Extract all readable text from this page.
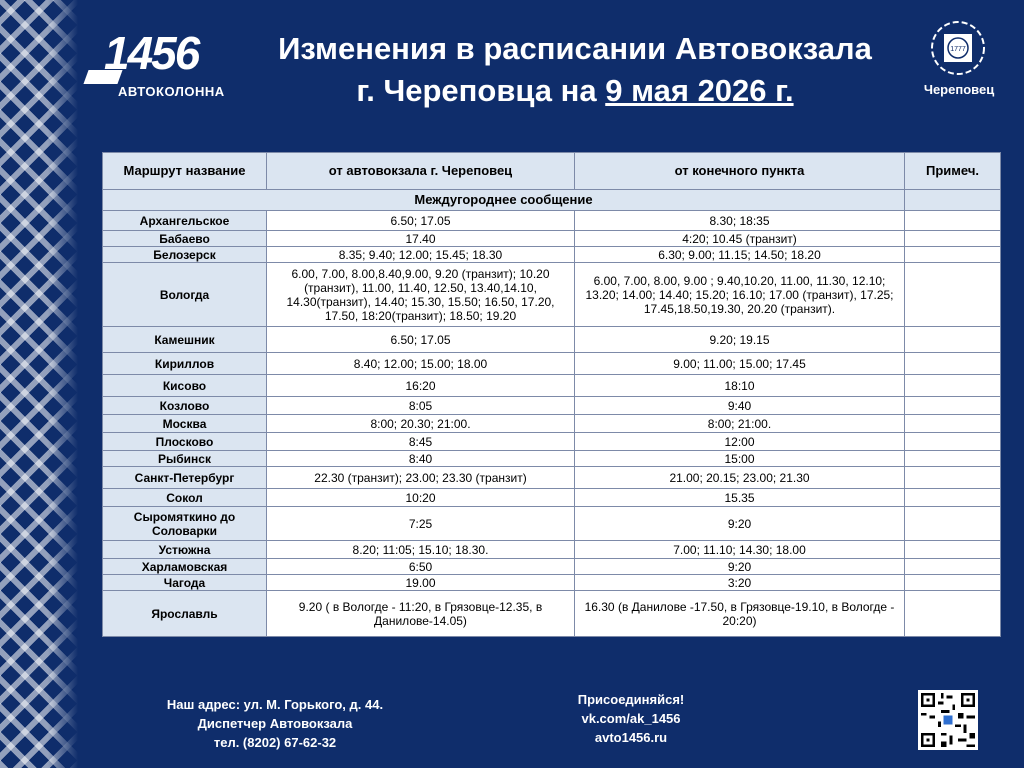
1456
АВТОКОЛОННА
Изменения в расписании Автовокзала
г. Череповца на 9 мая 2026 г.
1777
Череповец
Маршрут название	от автовокзала г. Череповец	от конечного пункта	Примеч.
Междугороднее сообщение			
Архангельское	6.50; 17.05	8.30; 18:35	
Бабаево	17.40	4:20; 10.45 (транзит)	
Белозерск	8.35; 9.40; 12.00; 15.45; 18.30	6.30; 9.00; 11.15; 14.50; 18.20	
Вологда	6.00, 7.00, 8.00,8.40,9.00, 9.20 (транзит); 10.20 (транзит), 11.00, 11.40, 12.50, 13.40,14.10, 14.30(транзит), 14.40; 15.30, 15.50; 16.50, 17.20, 17.50, 18:20(транзит); 18.50; 19.20	6.00, 7.00, 8.00, 9.00 ; 9.40,10.20, 11.00, 11.30, 12.10; 13.20; 14.00; 14.40; 15.20; 16.10; 17.00 (транзит), 17.25; 17.45,18.50,19.30, 20.20 (транзит).	
Камешник	6.50; 17.05	9.20; 19.15	
Кириллов	8.40; 12.00; 15.00; 18.00	9.00; 11.00; 15.00; 17.45	
Кисово	16:20	18:10	
Козлово	8:05	9:40	
Москва	8:00; 20.30; 21:00.	8:00; 21:00.	
Плосково	8:45	12:00	
Рыбинск	8:40	15:00	
Санкт-Петербург	22.30 (транзит); 23.00; 23.30 (транзит)	21.00; 20.15; 23.00; 21.30	
Сокол	10:20	15.35	
Сыромяткино до Соловарки	7:25	9:20	
Устюжна	8.20; 11:05; 15.10; 18.30.	7.00; 11.10; 14.30; 18.00	
Харламовская	6:50	9:20	
Чагода	19.00	3:20	
Ярославль	9.20 ( в Вологде - 11:20, в Грязовце-12.35, в Данилове-14.05)	16.30 (в Данилове -17.50, в Грязовце-19.10, в Вологде - 20:20)	
Наш адрес: ул. М. Горького, д. 44.
Диспетчер Автовокзала
тел. (8202) 67-62-32
Присоединяйся!
vk.com/ak_1456
avto1456.ru
